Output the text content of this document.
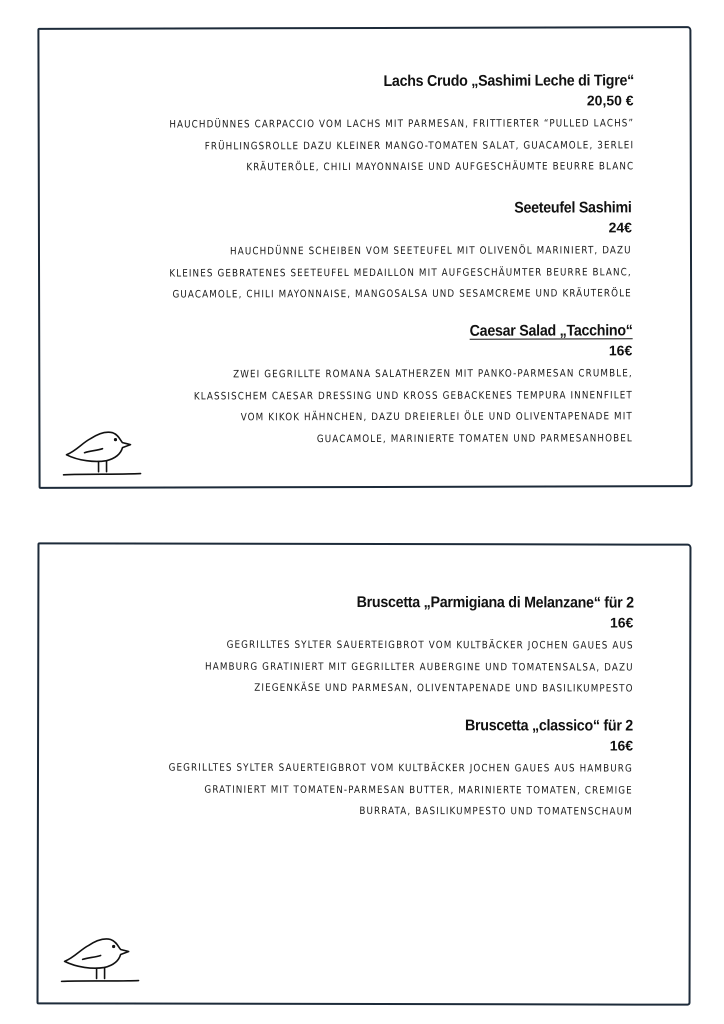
Lachs Crudo „Sashimi Leche di Tigre“
20,50 €
HAUCHDÜNNES CARPACCIO VOM LACHS MIT PARMESAN, FRITTIERTER “PULLED LACHS”
FRÜHLINGSROLLE DAZU KLEINER MANGO-TOMATEN SALAT, GUACAMOLE, 3ERLEI
KRÄUTERÖLE, CHILI MAYONNAISE UND AUFGESCHÄUMTE BEURRE BLANC
Seeteufel Sashimi
24€
HAUCHDÜNNE SCHEIBEN VOM SEETEUFEL MIT OLIVENÖL MARINIERT, DAZU
KLEINES GEBRATENES SEETEUFEL MEDAILLON MIT AUFGESCHÄUMTER BEURRE BLANC,
GUACAMOLE, CHILI MAYONNAISE, MANGOSALSA UND SESAMCREME UND KRÄUTERÖLE
Caesar Salad „Tacchino“
16€
ZWEI GEGRILLTE ROMANA SALATHERZEN MIT PANKO-PARMESAN CRUMBLE,
KLASSISCHEM CAESAR DRESSING UND KROSS GEBACKENES TEMPURA INNENFILET
VOM KIKOK HÄHNCHEN, DAZU DREIERLEI ÖLE UND OLIVENTAPENADE MIT
GUACAMOLE, MARINIERTE TOMATEN UND PARMESANHOBEL
Bruscetta „Parmigiana di Melanzane“ für 2
16€
GEGRILLTES SYLTER SAUERTEIGBROT VOM KULTBÄCKER JOCHEN GAUES AUS
HAMBURG GRATINIERT MIT GEGRILLTER AUBERGINE UND TOMATENSALSA, DAZU
ZIEGENKÄSE UND PARMESAN, OLIVENTAPENADE UND BASILIKUMPESTO
Bruscetta „classico“ für 2
16€
GEGRILLTES SYLTER SAUERTEIGBROT VOM KULTBÄCKER JOCHEN GAUES AUS HAMBURG
GRATINIERT MIT TOMATEN-PARMESAN BUTTER, MARINIERTE TOMATEN, CREMIGE
BURRATA, BASILIKUMPESTO UND TOMATENSCHAUM
